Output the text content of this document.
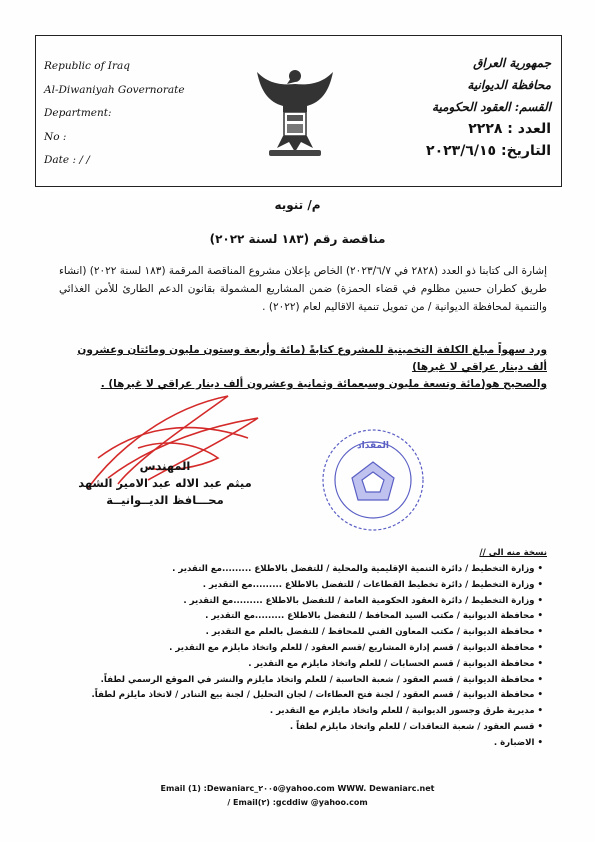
Republic of Iraq
Al-Diwaniyah Governorate
Department:
No :
Date : / /
جمهورية العراق
محافظة الديوانية
القسم: العقود الحكومية
العدد : ٢٢٢٨
التاريخ: ٢٠٢٣/٦/١٥
م/ تنويه
مناقصة رقم (١٨٣ لسنة ٢٠٢٢)
إشارة الى كتابنا ذو العدد (٢٨٢٨ في ٢٠٢٣/٦/٧) الخاص بإعلان مشروع المناقصة المرقمة (١٨٣ لسنة ٢٠٢٢) (انشاء طريق كطران حسين مظلوم في قضاء الحمزة) ضمن المشاريع المشمولة بقانون الدعم الطارئ للأمن الغذائي والتنمية لمحافظة الديوانية / من تمويل تنمية الاقاليم لعام (٢٠٢٢) .
ورد سهواً مبلغ الكلفة التخمينية للمشروع كتابةً (مائة وأربعة وستون مليون ومائتان وعشرون
ألف دينار عراقي لا غيرها)
والصحيح هو(مائة وتسعة مليون وسبعمائة وثمانية وعشرون ألف دينار عراقي لا غيرها) .
المهندس
ميثم عبد الاله عبد الامير الشهد
محـــافظ الديــوانيــة
المقداد
نسخة منه الى //
• وزارة التخطيط / دائرة التنمية الإقليمية والمحلية / للتفضل بالاطلاع .........مع التقدير .
• وزارة التخطيط / دائرة تخطيط القطاعات / للتفضل بالاطلاع .........مع التقدير .
• وزارة التخطيط / دائرة العقود الحكومية العامة / للتفضل بالاطلاع .........مع التقدير .
• محافظة الديوانية / مكتب السيد المحافظ / للتفضل بالاطلاع .........مع التقدير .
• محافظة الديوانية / مكتب المعاون الفني للمحافظ / للتفضل بالعلم مع التقدير .
• محافظة الديوانية / قسم إدارة المشاريع /قسم العقود / للعلم واتخاذ مايلزم مع التقدير .
• محافظة الديوانية / قسم الحسابات / للعلم واتخاذ مايلزم مع التقدير .
• محافظة الديوانية / قسم العقود / شعبة الحاسبة / للعلم واتخاذ مايلزم والنشر في الموقع الرسمي لطفاً.
• محافظة الديوانية / قسم العقود / لجنة فتح العطاءات / لجان التحليل / لجنة بيع التنادر / لاتخاذ مايلزم لطفاً.
• مديرية طرق وجسور الديوانية / للعلم واتخاذ مايلزم مع التقدير .
• قسم العقود / شعبة التعاقدات / للعلم واتخاذ مايلزم لطفاً .
• الاضبارة .
Email (1) :Dewaniarc_٢٠٠٥@yahoo.com WWW. Dewaniarc.net
/ Email(٢) :gcddiw @yahoo.com
